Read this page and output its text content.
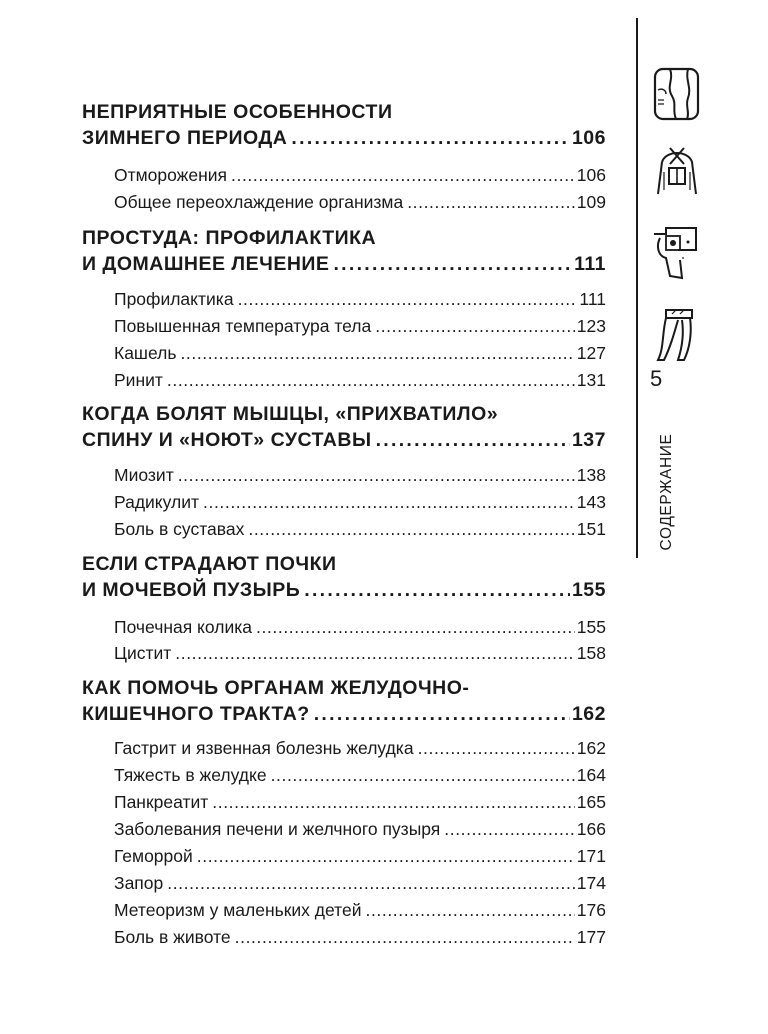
НЕПРИЯТНЫЕ ОСОБЕННОСТИ
ЗИМНЕГО ПЕРИОДА .....	106
Отморожения .....	106
Общее переохлаждение организма .....	109
ПРОСТУДА: ПРОФИЛАКТИКА
И ДОМАШНЕЕ ЛЕЧЕНИЕ .....	111
Профилактика .....	111
Повышенная температура тела .....	123
Кашель .....	127
Ринит .....	131
КОГДА БОЛЯТ МЫШЦЫ, «ПРИХВАТИЛО»
СПИНУ И «НОЮТ» СУСТАВЫ .....	137
Миозит .....	138
Радикулит .....	143
Боль в суставах .....	151
ЕСЛИ СТРАДАЮТ ПОЧКИ
И МОЧЕВОЙ ПУЗЫРЬ .....	155
Почечная колика .....	155
Цистит .....	158
КАК ПОМОЧЬ ОРГАНАМ ЖЕЛУДОЧНО-
КИШЕЧНОГО ТРАКТА? .....	162
Гастрит и язвенная болезнь желудка .....	162
Тяжесть в желудке .....	164
Панкреатит .....	165
Заболевания печени и желчного пузыря .....	166
Геморрой .....	171
Запор .....	174
Метеоризм у маленьких детей .....	176
Боль в животе .....	177
5
СОДЕРЖАНИЕ
